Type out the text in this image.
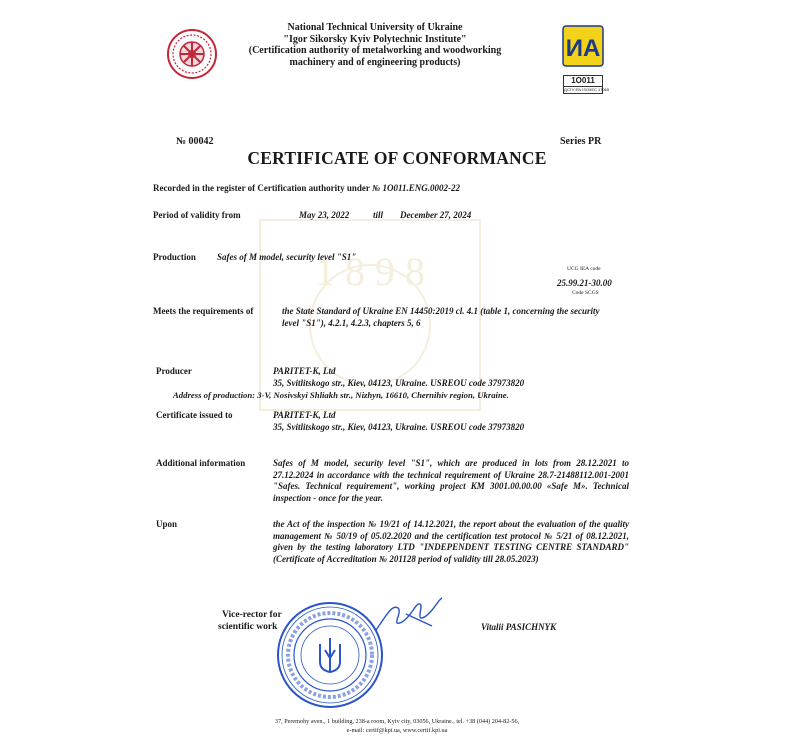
1 8 9 8
National Technical University of Ukraine
"Igor Sikorsky Kyiv Polytechnic Institute"
(Certification authority of metalworking and woodworking
machinery and of engineering products)	ИА
1O011
ДСТУ EN ISO/IEC 17065
№ 00042	Series PR
CERTIFICATE OF CONFORMANCE
Recorded in the register of Certification authority under № 1O011.ENG.0002-22
Period of validity from	May 23, 2022	till December 27, 2024
Production Safes of M model, security level "S1"
UCG IEA code
25.99.21-30.00
Code SCGS
Meets the requirements of	the State Standard of Ukraine EN 14450:2019 cl. 4.1 (table 1, concerning the security level "S1"), 4.2.1, 4.2.3, chapters 5, 6
Producer	PARITET-K, Ltd
35, Svitlitskogo str., Kiev, 04123, Ukraine. USREOU code 37973820
Address of production: 3-V, Nosivskyi Shliakh str., Nizhyn, 16610, Chernihiv region, Ukraine.
Certificate issued to	PARITET-K, Ltd
35, Svitlitskogo str., Kiev, 04123, Ukraine. USREOU code 37973820
Additional information	Safes of M model, security level "S1", which are produced in lots from 28.12.2021 to 27.12.2024 in accordance with the technical requirement of Ukraine 28.7-21488112.001-2001 "Safes. Technical requirement", working project KM 3001.00.00.00 «Safe M». Technical inspection - once for the year.
Upon	the Act of the inspection № 19/21 of 14.12.2021, the report about the evaluation of the quality management № 50/19 of 05.02.2020 and the certification test protocol № 5/21 of 08.12.2021, given by the testing laboratory LTD "INDEPENDENT TESTING CENTRE STANDARD" (Certificate of Accreditation № 201128 period of validity till 28.05.2023)
Vice-rector for
scientific work	Vitalii PASICHNYK
37, Peremohy aven., 1 building, 238-a room, Kyiv city, 03056, Ukraine., tel. +38 (044) 204-82-56,
e-mail: certif@kpi.ua, www.certif.kpi.ua
